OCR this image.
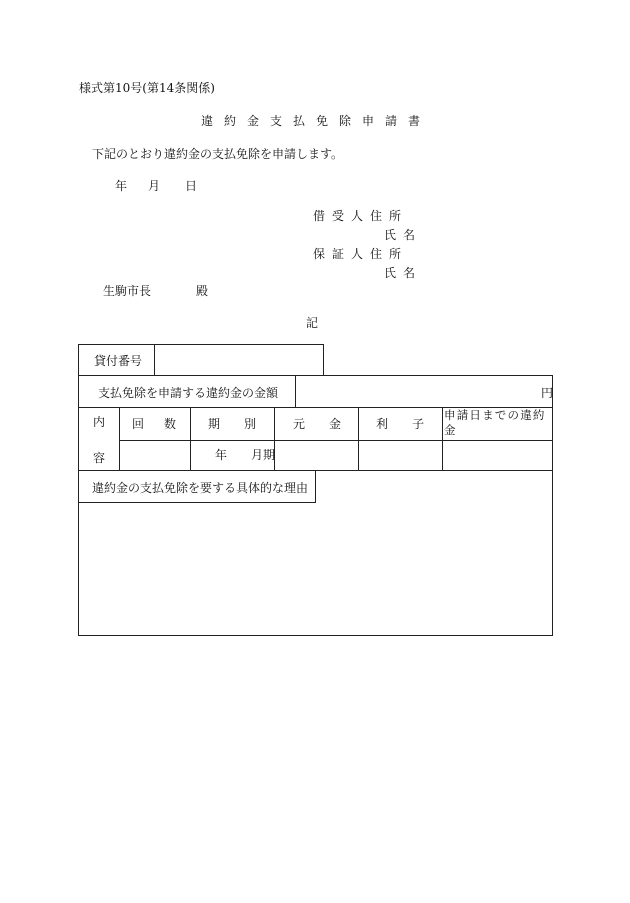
様式第10号(第14条関係)
違約金支払免除申請書
下記のとおり違約金の支払免除を申請します。
年 月 日
借受人住所
氏名
保証人住所
氏名
生駒市長	殿
記
貸付番号
支払免除を申請する違約金の金額	円
内
容
回数 期別 元金 利子
申請日までの違約
金
年 月期
違約金の支払免除を要する具体的な理由
